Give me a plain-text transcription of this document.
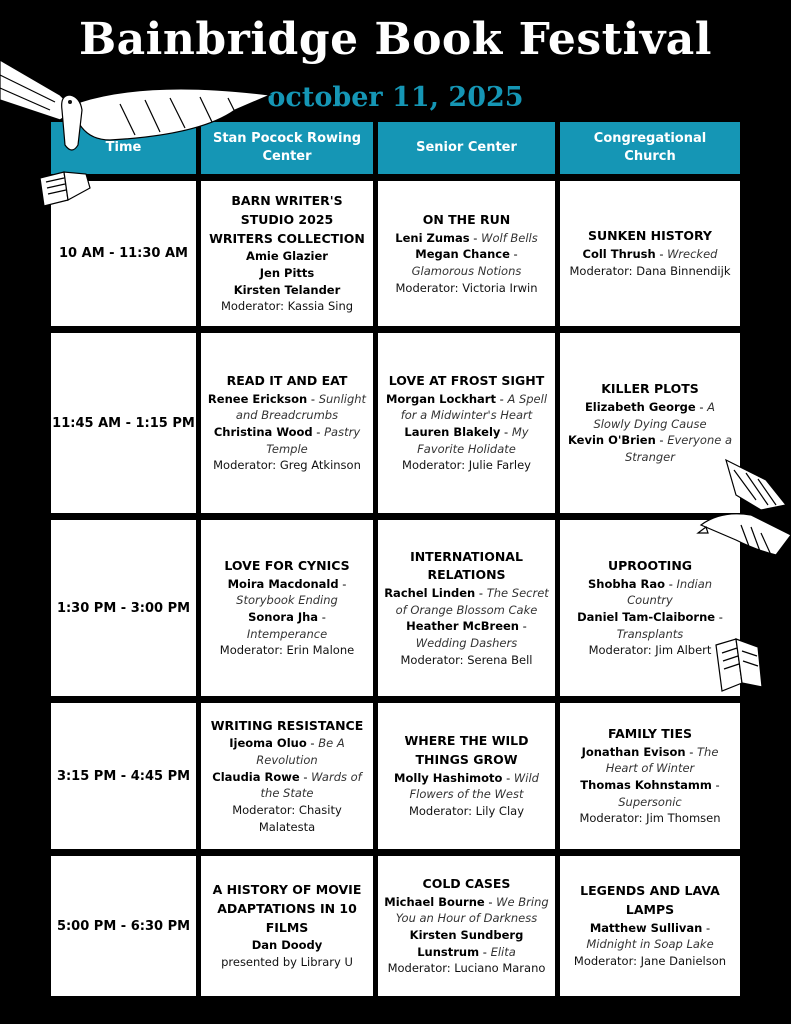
Bainbridge Book Festival
october 11, 2025
Time
Stan Pocock Rowing Center
Senior Center
Congregational Church
10 AM - 11:30 AM
BARN WRITER'S STUDIO 2025 WRITERS COLLECTION
Amie Glazier
Jen Pitts
Kirsten Telander
Moderator: Kassia Sing
ON THE RUN
Leni Zumas - Wolf Bells
Megan Chance - Glamorous Notions
Moderator: Victoria Irwin
SUNKEN HISTORY
Coll Thrush - Wrecked
Moderator: Dana Binnendijk
11:45 AM - 1:15 PM
READ IT AND EAT
Renee Erickson - Sunlight and Breadcrumbs
Christina Wood - Pastry Temple
Moderator: Greg Atkinson
LOVE AT FROST SIGHT
Morgan Lockhart - A Spell for a Midwinter's Heart
Lauren Blakely - My Favorite Holidate
Moderator: Julie Farley
KILLER PLOTS
Elizabeth George - A Slowly Dying Cause
Kevin O'Brien - Everyone a Stranger
1:30 PM - 3:00 PM
LOVE FOR CYNICS
Moira Macdonald - Storybook Ending
Sonora Jha - Intemperance
Moderator: Erin Malone
INTERNATIONAL RELATIONS
Rachel Linden - The Secret of Orange Blossom Cake
Heather McBreen - Wedding Dashers
Moderator: Serena Bell
UPROOTING
Shobha Rao - Indian Country
Daniel Tam-Claiborne - Transplants
Moderator: Jim Albert
3:15 PM - 4:45 PM
WRITING RESISTANCE
Ijeoma Oluo - Be A Revolution
Claudia Rowe - Wards of the State
Moderator: Chasity Malatesta
WHERE THE WILD THINGS GROW
Molly Hashimoto - Wild Flowers of the West
Moderator: Lily Clay
FAMILY TIES
Jonathan Evison - The Heart of Winter
Thomas Kohnstamm - Supersonic
Moderator: Jim Thomsen
5:00 PM - 6:30 PM
A HISTORY OF MOVIE ADAPTATIONS IN 10 FILMS
Dan Doody
presented by Library U
COLD CASES
Michael Bourne - We Bring You an Hour of Darkness
Kirsten Sundberg Lunstrum - Elita
Moderator: Luciano Marano
LEGENDS AND LAVA LAMPS
Matthew Sullivan - Midnight in Soap Lake
Moderator: Jane Danielson
